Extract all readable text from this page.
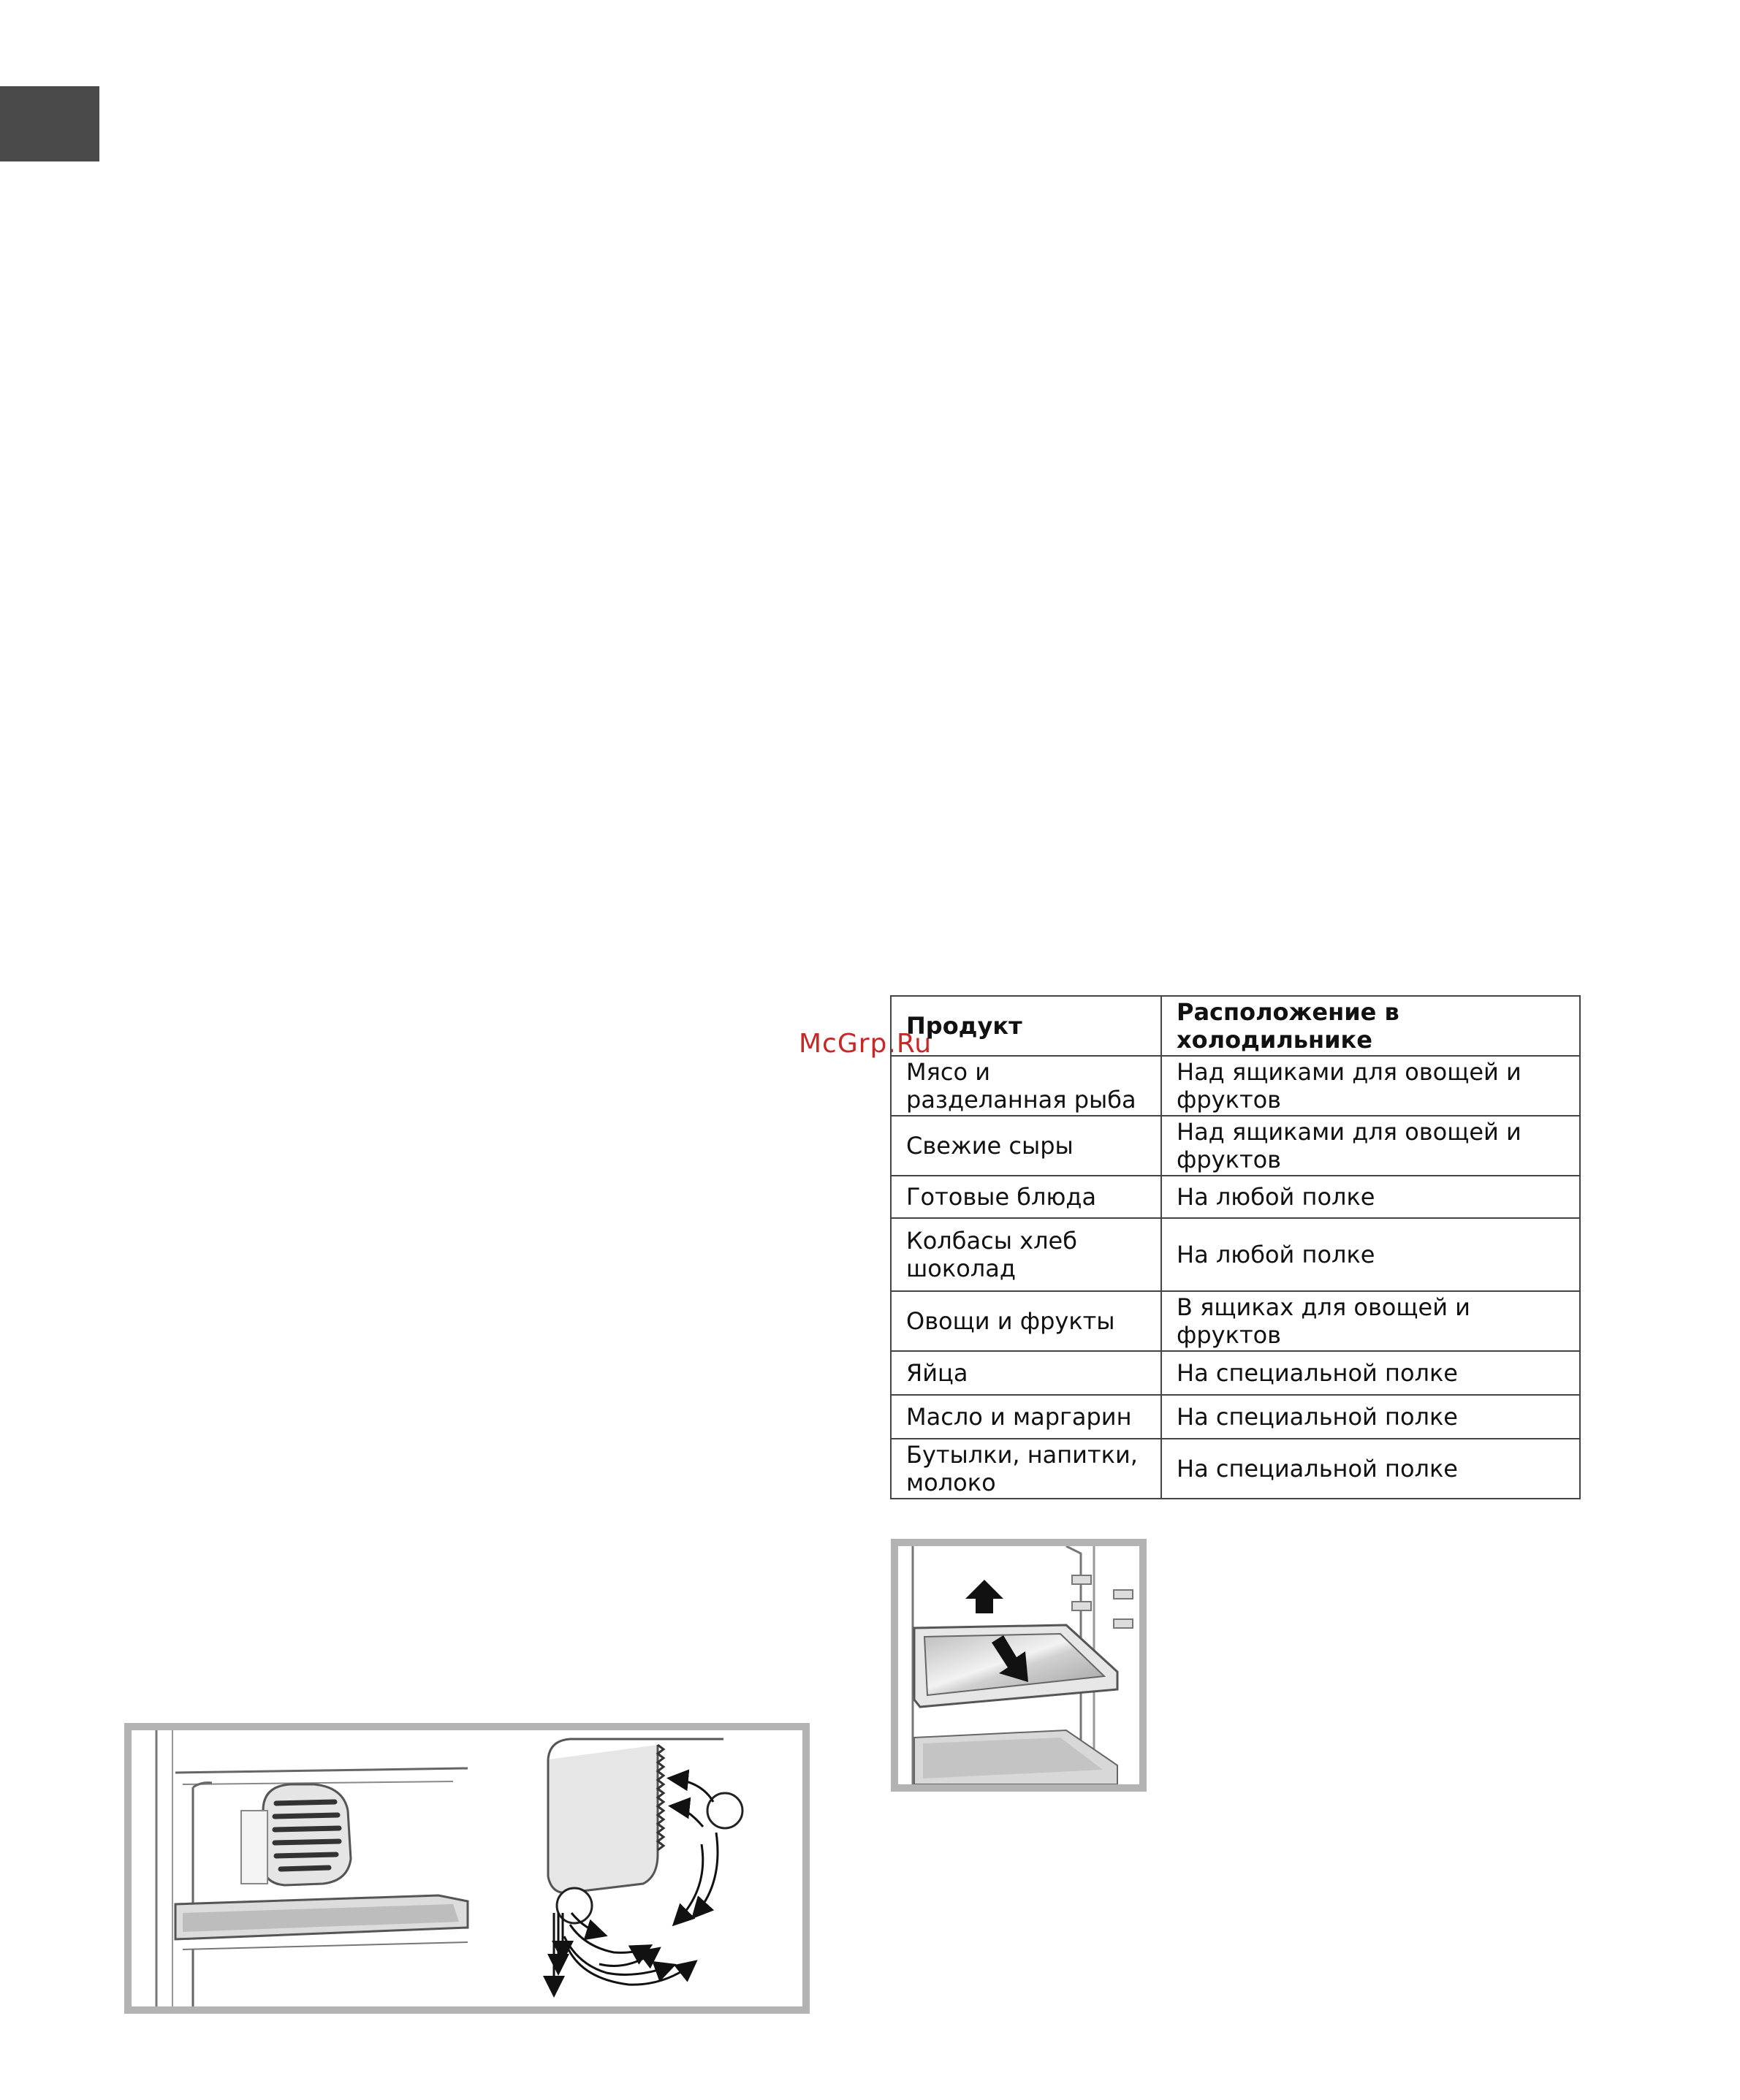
McGrp.Ru
Продукт	Расположение в холодильнике
Мясо и разделанная рыба	Над ящиками для овощей и фруктов
Свежие сыры	Над ящиками для овощей и фруктов
Готовые блюда	На любой полке
Колбасы хлеб шоколад	На любой полке
Овощи и фрукты	В ящиках для овощей и фруктов
Яйца	На специальной полке
Масло и маргарин	На специальной полке
Бутылки, напитки, молоко	На специальной полке
